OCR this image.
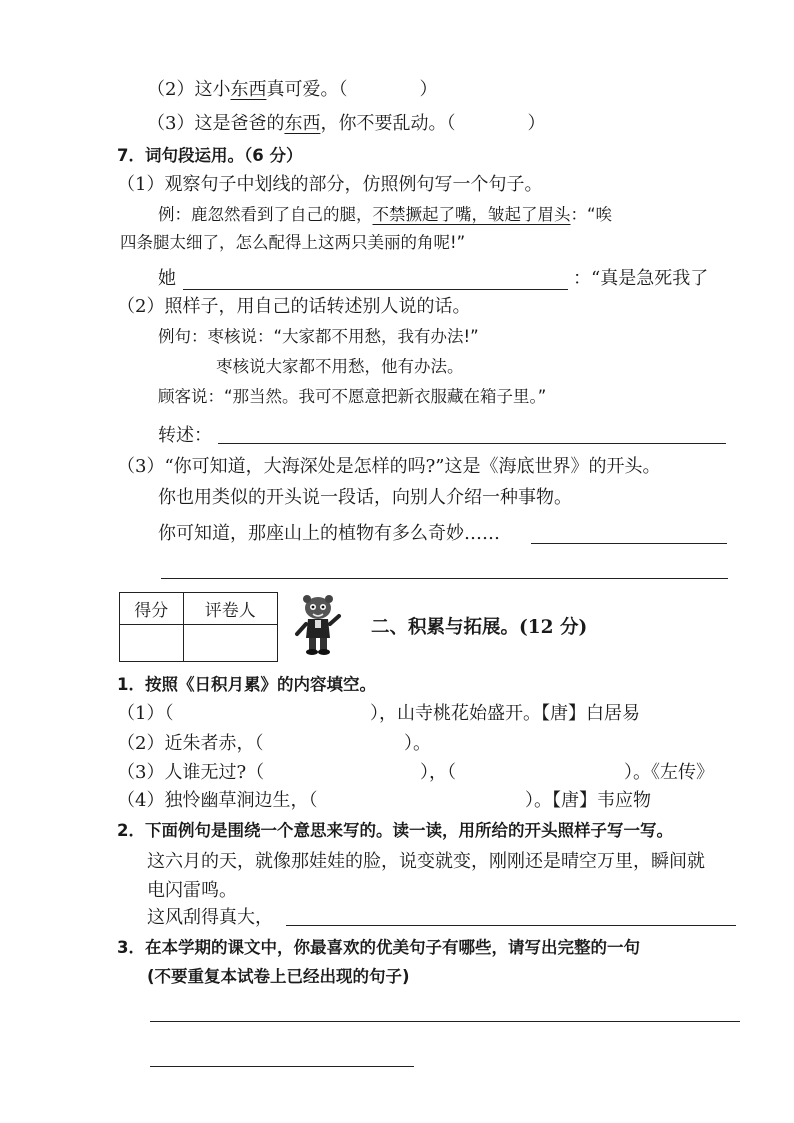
（2）这小东西真可爱。（　　　　）
（3）这是爸爸的东西，你不要乱动。（　　　　）
7．词句段运用。（6 分）
（1）观察句子中划线的部分，仿照例句写一个句子。
例：鹿忽然看到了自己的腿，不禁撅起了嘴，皱起了眉头：“唉
四条腿太细了，怎么配得上这两只美丽的角呢!”
她	：“真是急死我了
（2）照样子，用自己的话转述别人说的话。
例句：枣核说：“大家都不用愁，我有办法!”
枣核说大家都不用愁，他有办法。
顾客说：“那当然。我可不愿意把新衣服藏在箱子里。”
转述：
（3）“你可知道，大海深处是怎样的吗?”这是《海底世界》的开头。
你也用类似的开头说一段话，向别人介绍一种事物。
你可知道，那座山上的植物有多么奇妙……
得分	评卷人

二、积累与拓展。(12 分)
1．按照《日积月累》的内容填空。
（1）（	），山寺桃花始盛开。【唐】白居易
（2）近朱者赤，（	）。
（3）人谁无过?（	），（	）。《左传》
（4）独怜幽草涧边生，（	）。【唐】韦应物
2．下面例句是围绕一个意思来写的。读一读，用所给的开头照样子写一写。
这六月的天，就像那娃娃的脸，说变就变，刚刚还是晴空万里，瞬间就
电闪雷鸣。
这风刮得真大，
3．在本学期的课文中，你最喜欢的优美句子有哪些，请写出完整的一句
(不要重复本试卷上已经出现的句子)
